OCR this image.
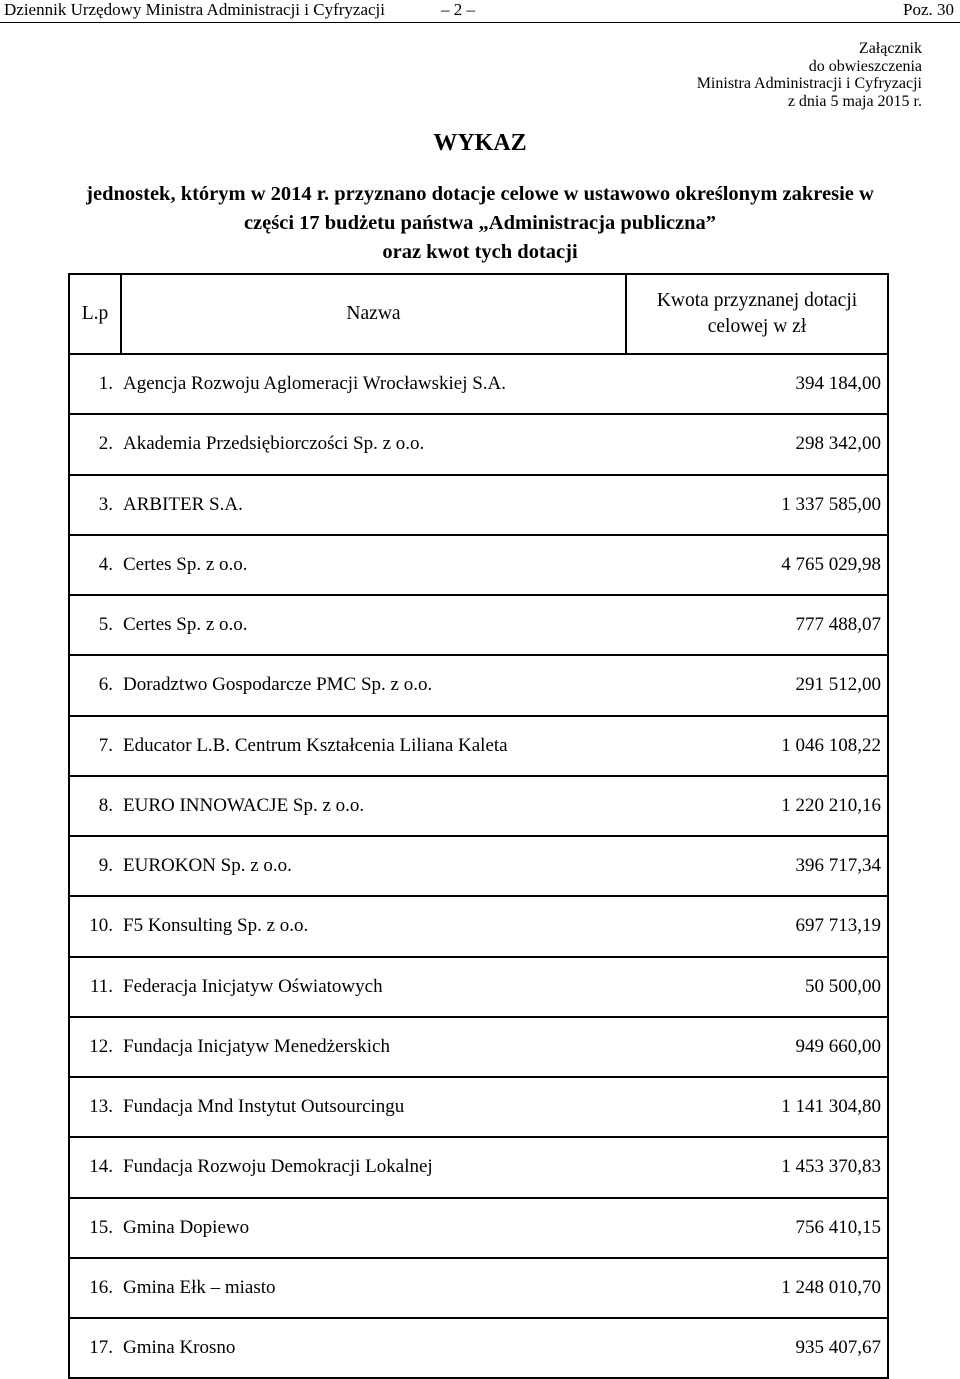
Dziennik Urzędowy Ministra Administracji i Cyfryzacji	– 2 –	Poz. 30
Załącznik
do obwieszczenia
Ministra Administracji i Cyfryzacji
z dnia 5 maja 2015 r.
WYKAZ
jednostek, którym w 2014 r. przyznano dotacje celowe w ustawowo określonym zakresie w
części 17 budżetu państwa „Administracja publiczna”
oraz kwot tych dotacji
L.p	Nazwa	Kwota przyznanej dotacji
celowej w zł

1.	Agencja Rozwoju Aglomeracji Wrocławskiej S.A.	394 184,00
2.	Akademia Przedsiębiorczości Sp. z o.o.	298 342,00
3.	ARBITER S.A.	1 337 585,00
4.	Certes Sp. z o.o.	4 765 029,98
5.	Certes Sp. z o.o.	777 488,07
6.	Doradztwo Gospodarcze PMC Sp. z o.o.	291 512,00
7.	Educator L.B. Centrum Kształcenia Liliana Kaleta	1 046 108,22
8.	EURO INNOWACJE Sp. z o.o.	1 220 210,16
9.	EUROKON Sp. z o.o.	396 717,34
10.	F5 Konsulting Sp. z o.o.	697 713,19
11.	Federacja Inicjatyw Oświatowych	50 500,00
12.	Fundacja Inicjatyw Menedżerskich	949 660,00
13.	Fundacja Mnd Instytut Outsourcingu	1 141 304,80
14.	Fundacja Rozwoju Demokracji Lokalnej	1 453 370,83
15.	Gmina Dopiewo	756 410,15
16.	Gmina Ełk – miasto	1 248 010,70
17.	Gmina Krosno	935 407,67
